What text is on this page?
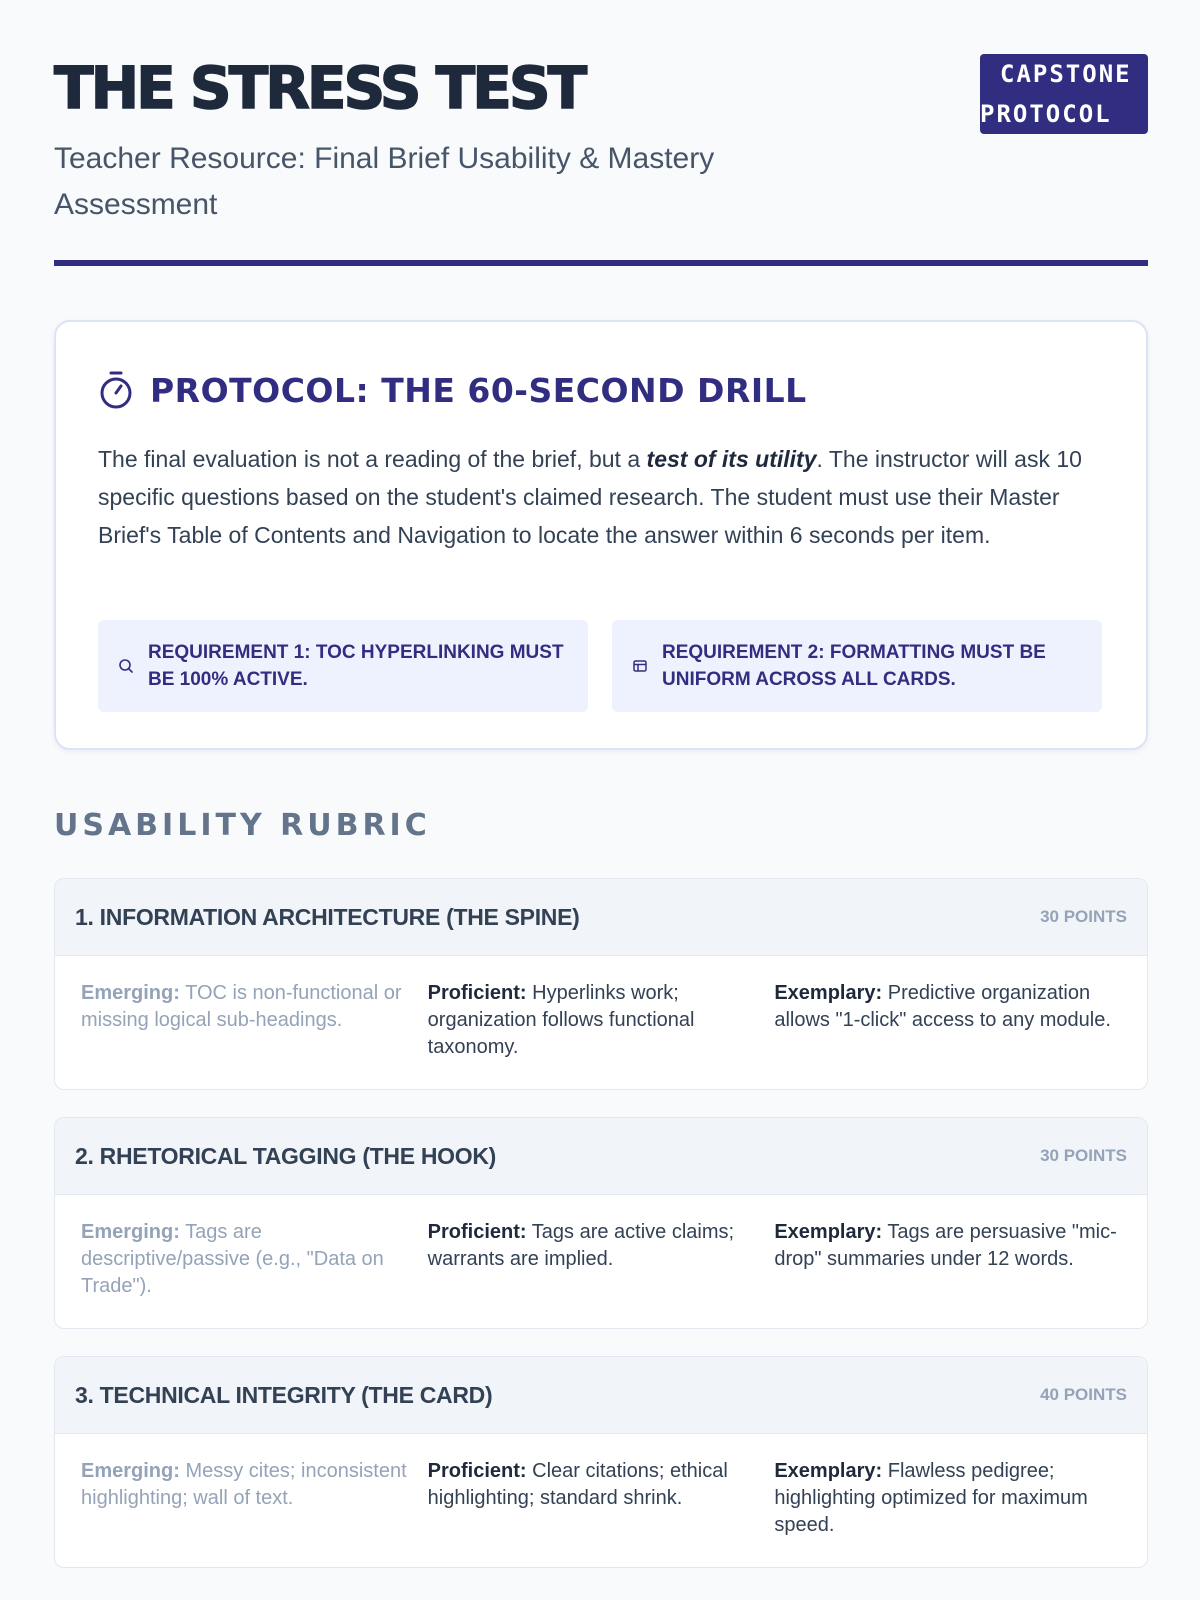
THE STRESS TEST
Teacher Resource: Final Brief Usability & Mastery Assessment
CAPSTONE
PROTOCOL
PROTOCOL: THE 60-SECOND DRILL
The final evaluation is not a reading of the brief, but a test of its utility. The instructor will ask 10 specific questions based on the student's claimed research. The student must use their Master Brief's Table of Contents and Navigation to locate the answer within 6 seconds per item.
REQUIREMENT 1: TOC HYPERLINKING MUST BE 100% ACTIVE.
REQUIREMENT 2: FORMATTING MUST BE UNIFORM ACROSS ALL CARDS.
USABILITY RUBRIC
1. INFORMATION ARCHITECTURE (THE SPINE)	30 POINTS
Emerging: TOC is non-functional or missing logical sub-headings.
Proficient: Hyperlinks work; organization follows functional taxonomy.
Exemplary: Predictive organization allows "1-click" access to any module.
2. RHETORICAL TAGGING (THE HOOK)	30 POINTS
Emerging: Tags are descriptive/passive (e.g., "Data on Trade").
Proficient: Tags are active claims; warrants are implied.
Exemplary: Tags are persuasive "mic-drop" summaries under 12 words.
3. TECHNICAL INTEGRITY (THE CARD)	40 POINTS
Emerging: Messy cites; inconsistent highlighting; wall of text.
Proficient: Clear citations; ethical highlighting; standard shrink.
Exemplary: Flawless pedigree; highlighting optimized for maximum speed.
